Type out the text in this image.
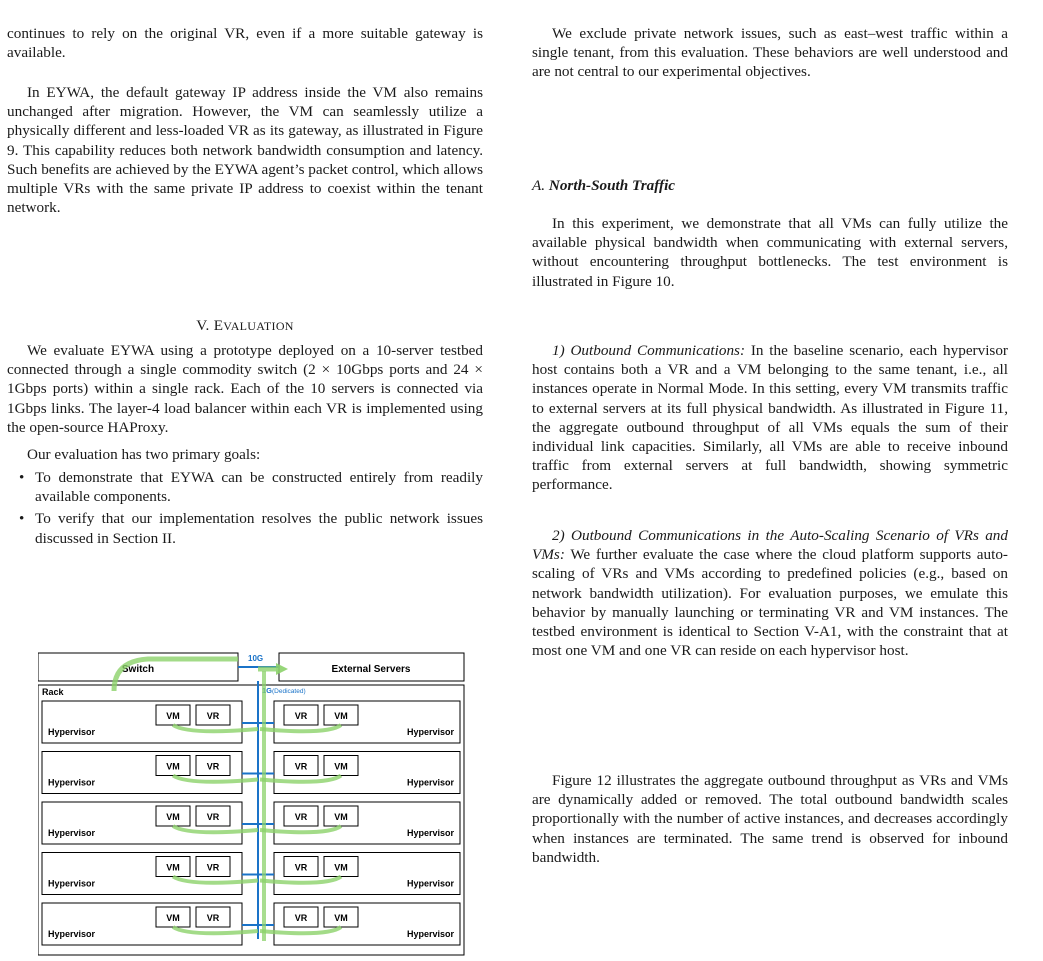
continues to rely on the original VR, even if a more suitable gateway is available.

In EYWA, the default gateway IP address inside the VM also remains unchanged after migration. However, the VM can seamlessly utilize a physically different and less-loaded VR as its gateway, as illustrated in Figure 9. This capability reduces both network bandwidth consumption and latency. Such benefits are achieved by the EYWA agent’s packet control, which allows multiple VRs with the same private IP address to coexist within the tenant network.

V. EVALUATION

We evaluate EYWA using a prototype deployed on a 10-server testbed connected through a single commodity switch (2 × 10Gbps ports and 24 × 1Gbps ports) within a single rack. Each of the 10 servers is connected via 1Gbps links. The layer-4 load balancer within each VR is implemented using the open-source HAProxy.

Our evaluation has two primary goals:

• To demonstrate that EYWA can be constructed entirely from readily available components.
• To verify that our implementation resolves the public network issues discussed in Section II.
Switch	External Servers
10G
Rack	1G(Dedicated)
Hypervisor
VM	VR
Hypervisor
VR	VM
Hypervisor
VM	VR
Hypervisor
VR	VM
Hypervisor
VM	VR
Hypervisor
VR	VM
Hypervisor
VM	VR
Hypervisor
VR	VM
Hypervisor
VM	VR
Hypervisor
VR	VM

We exclude private network issues, such as east–west traffic within a single tenant, from this evaluation. These behaviors are well understood and are not central to our experimental objectives.

A. North-South Traffic

In this experiment, we demonstrate that all VMs can fully utilize the available physical bandwidth when communicating with external servers, without encountering throughput bottlenecks. The test environment is illustrated in Figure 10.

1) Outbound Communications: In the baseline scenario, each hypervisor host contains both a VR and a VM belonging to the same tenant, i.e., all instances operate in Normal Mode. In this setting, every VM transmits traffic to external servers at its full physical bandwidth. As illustrated in Figure 11, the aggregate outbound throughput of all VMs equals the sum of their individual link capacities. Similarly, all VMs are able to receive inbound traffic from external servers at full bandwidth, showing symmetric performance.

2) Outbound Communications in the Auto-Scaling Scenario of VRs and VMs: We further evaluate the case where the cloud platform supports auto-scaling of VRs and VMs according to predefined policies (e.g., based on network bandwidth utilization). For evaluation purposes, we emulate this behavior by manually launching or terminating VR and VM instances. The testbed environment is identical to Section V-A1, with the constraint that at most one VM and one VR can reside on each hypervisor host.

Figure 12 illustrates the aggregate outbound throughput as VRs and VMs are dynamically added or removed. The total outbound bandwidth scales proportionally with the number of active instances, and decreases accordingly when instances are terminated. The same trend is observed for inbound bandwidth.
